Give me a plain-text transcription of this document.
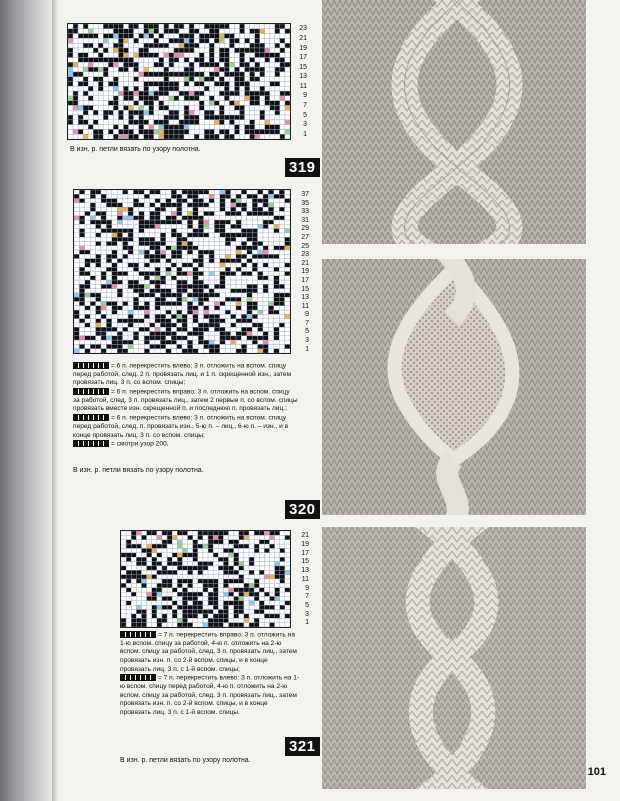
23
21
19
17
15
13
11
9
7
5
3
1
В изн. р. петли вязать по узору полотна.
319
37
35
33
31
29
27
25
23
21
19
17
15
13
11
9
7
5
3
1
= 6 п. перекрестить влево: 3 п. отложить на вспом. спицу перед работой, след. 2 п. провязать лиц. и 1 п. скрещенной изн., затем провязать лиц. 3 п. со вспом. спицы;
= 6 п. перекрестить вправо: 3 п. отложить на вспом. спицу за работой, след. 3 п. провязать лиц., затем 2 первые п. со вспом. спицы провязать вместе изн. скрещенной п. и последнюю п. провязать лиц.;
= 6 п. перекрестить влево: 3 п. отложить на вспом. спицу перед работой, след. п. провязать изн., 5-ю п. – лиц., 6-ю п. – изн., и в конце провязать лиц. 3 п. со вспом. спицы;
= смотри узор 200.
В изн. р. петли вязать по узору полотна.
320
21
19
17
15
13
11
9
7
5
3
1
= 7 п. перекрестить вправо: 3 п. отложить на 1-ю вспом. спицу за работой, 4-ю п. отложить на 2-ю вспом. спицу за работой, след. 3 п. провязать лиц., затем провязать изн. п. со 2-й вспом. спицы, и в конце провязать лиц. 3 п. с 1-й вспом. спицы;
= 7 п. перекрестить влево: 3 п. отложить на 1-ю вспом. спицу перед работой, 4-ю п. отложить на 2-ю вспом. спицу за работой, след. 3 п. провязать лиц., затем провязать изн. п. со 2-й вспом. спицы, и в конце провязать лиц. 3 п. с 1-й вспом. спицы.
В изн. р. петли вязать по узору полотна.
321
101
